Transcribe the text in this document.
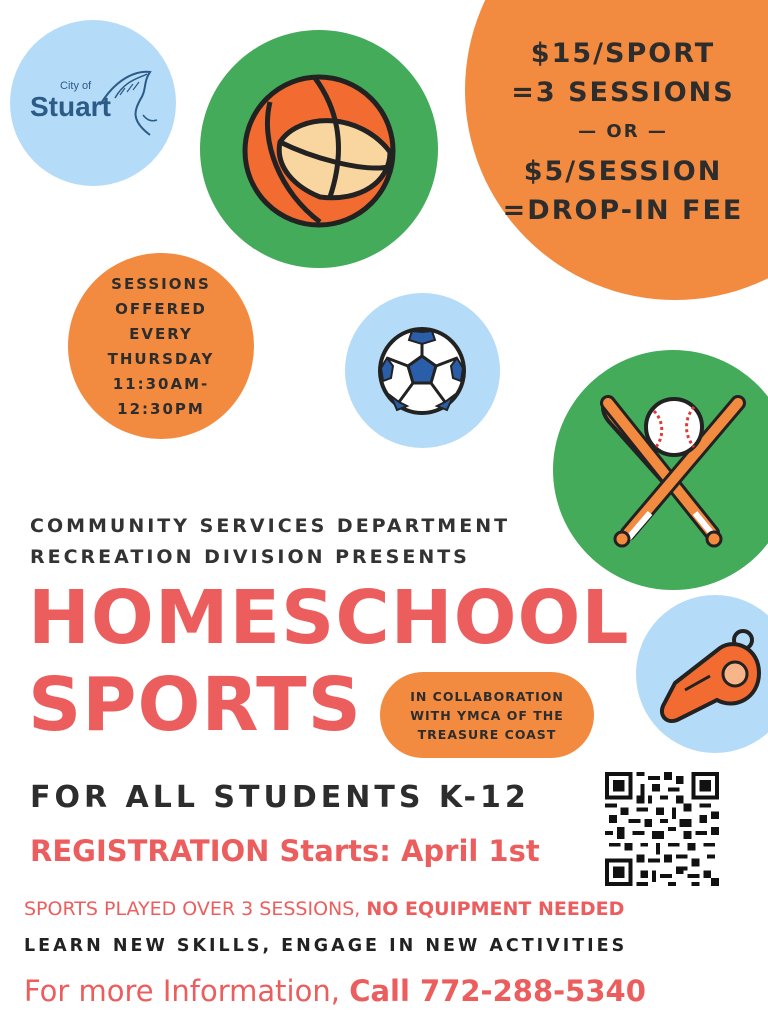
City of
Stuart
$15/SPORT
=3 SESSIONS
— OR —
$5/SESSION
=DROP-IN FEE
SESSIONS
OFFERED
EVERY
THURSDAY
11:30AM-
12:30PM
COMMUNITY SERVICES DEPARTMENT
RECREATION DIVISION PRESENTS
HOMESCHOOL
SPORTS	IN COLLABORATION
WITH YMCA OF THE
TREASURE COAST
FOR ALL STUDENTS K-12
REGISTRATION Starts: April 1st
SPORTS PLAYED OVER 3 SESSIONS, NO EQUIPMENT NEEDED
LEARN NEW SKILLS, ENGAGE IN NEW ACTIVITIES
For more Information, Call 772-288-5340
